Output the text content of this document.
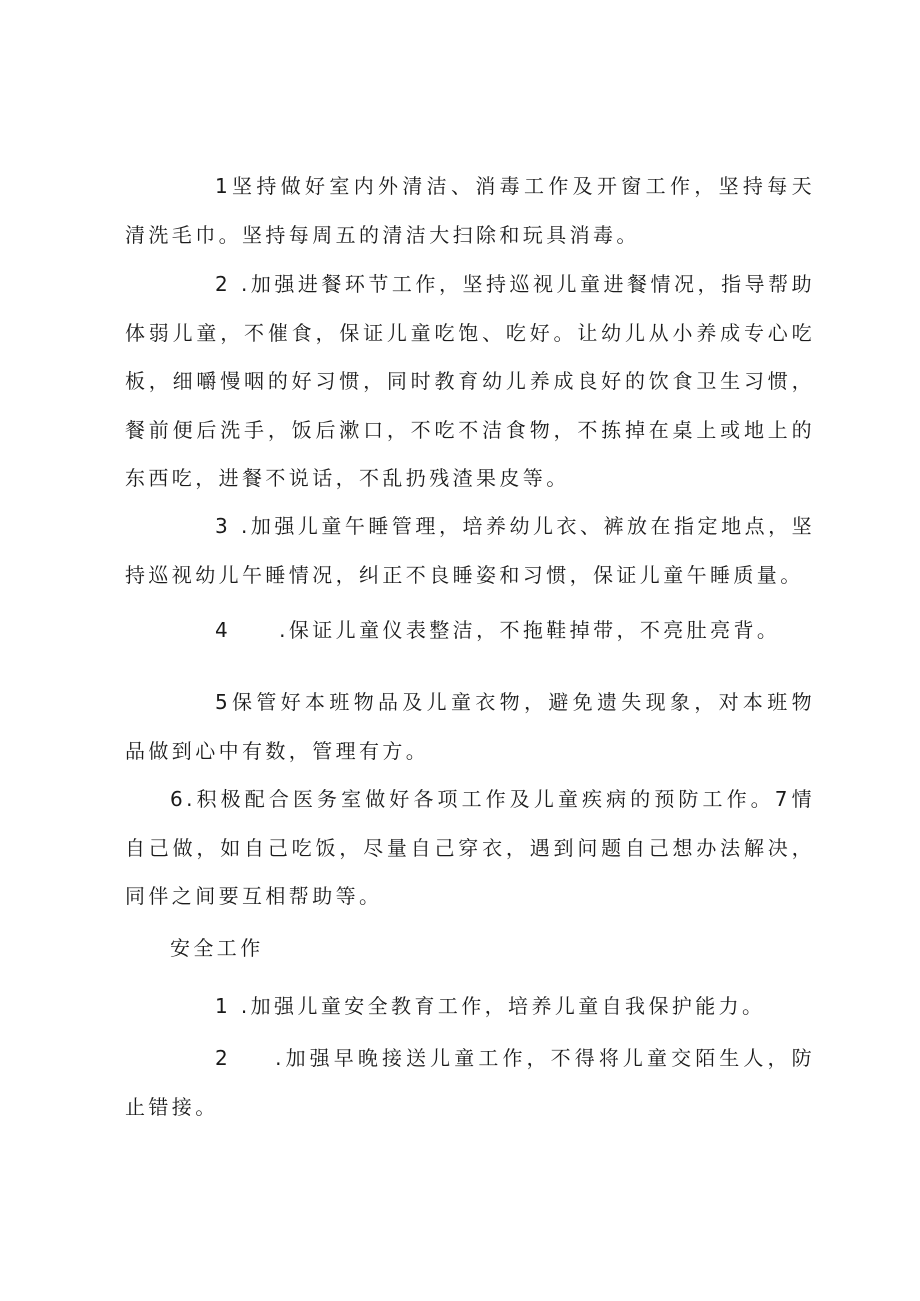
1坚持做好室内外清洁、消毒工作及开窗工作，坚持每天清洗毛巾。坚持每周五的清洁大扫除和玩具消毒。

2 .加强进餐环节工作，坚持巡视儿童进餐情况，指导帮助体弱儿童，不催食，保证儿童吃饱、吃好。让幼儿从小养成专心吃板，细嚼慢咽的好习惯，同时教育幼儿养成良好的饮食卫生习惯，餐前便后洗手，饭后漱口，不吃不洁食物，不拣掉在桌上或地上的东西吃，进餐不说话，不乱扔残渣果皮等。

3 .加强儿童午睡管理，培养幼儿衣、裤放在指定地点，坚持巡视幼儿午睡情况，纠正不良睡姿和习惯，保证儿童午睡质量。

4 .保证儿童仪表整洁，不拖鞋掉带，不亮肚亮背。

5保管好本班物品及儿童衣物，避免遗失现象，对本班物品做到心中有数，管理有方。

6.积极配合医务室做好各项工作及儿童疾病的预防工作。7情自己做，如自己吃饭，尽量自己穿衣，遇到问题自己想办法解决，同伴之间要互相帮助等。

安全工作

1 .加强儿童安全教育工作，培养儿童自我保护能力。

2 .加强早晚接送儿童工作，不得将儿童交陌生人，防止错接。
